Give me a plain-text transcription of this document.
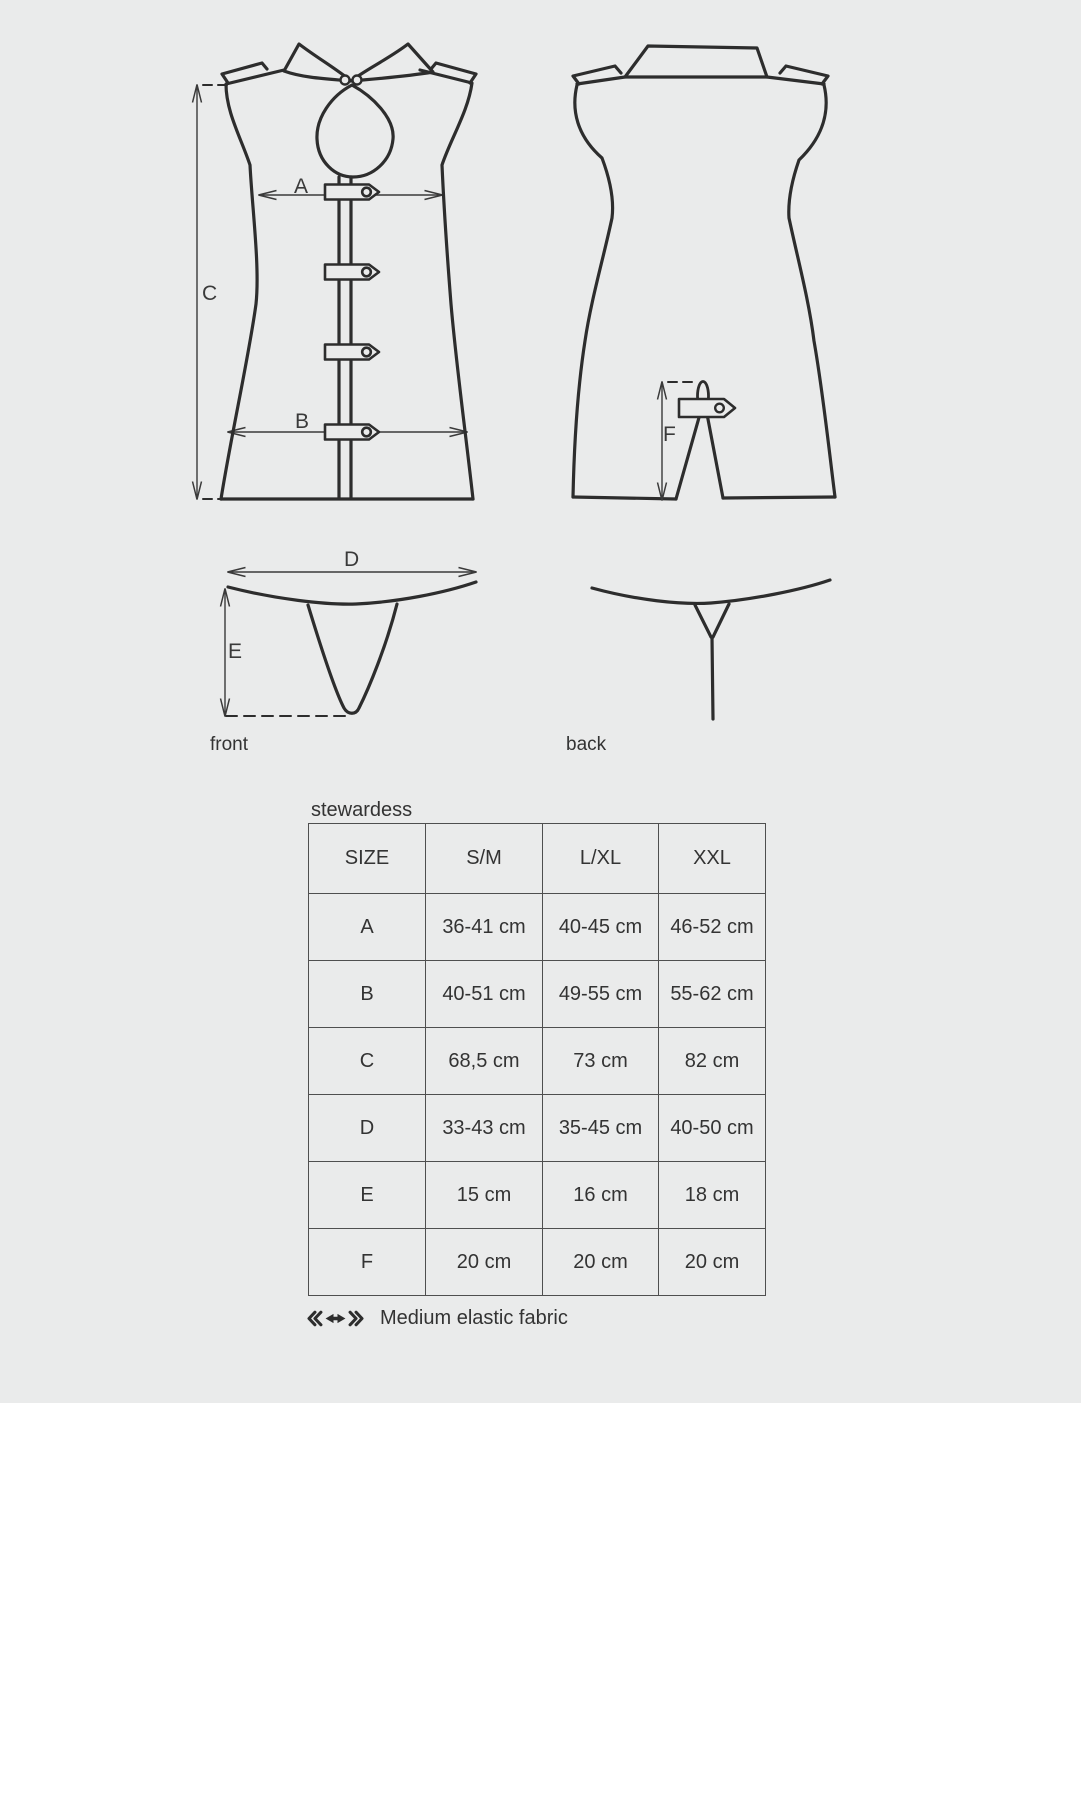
A
B
C
D
E
F
front	back
stewardess
SIZE	S/M	L/XL	XXL
A	36-41 cm	40-45 cm	46-52 cm
B	40-51 cm	49-55 cm	55-62 cm
C	68,5 cm	73 cm	82 cm
D	33-43 cm	35-45 cm	40-50 cm
E	15 cm	16 cm	18 cm
F	20 cm	20 cm	20 cm
Medium elastic fabric
